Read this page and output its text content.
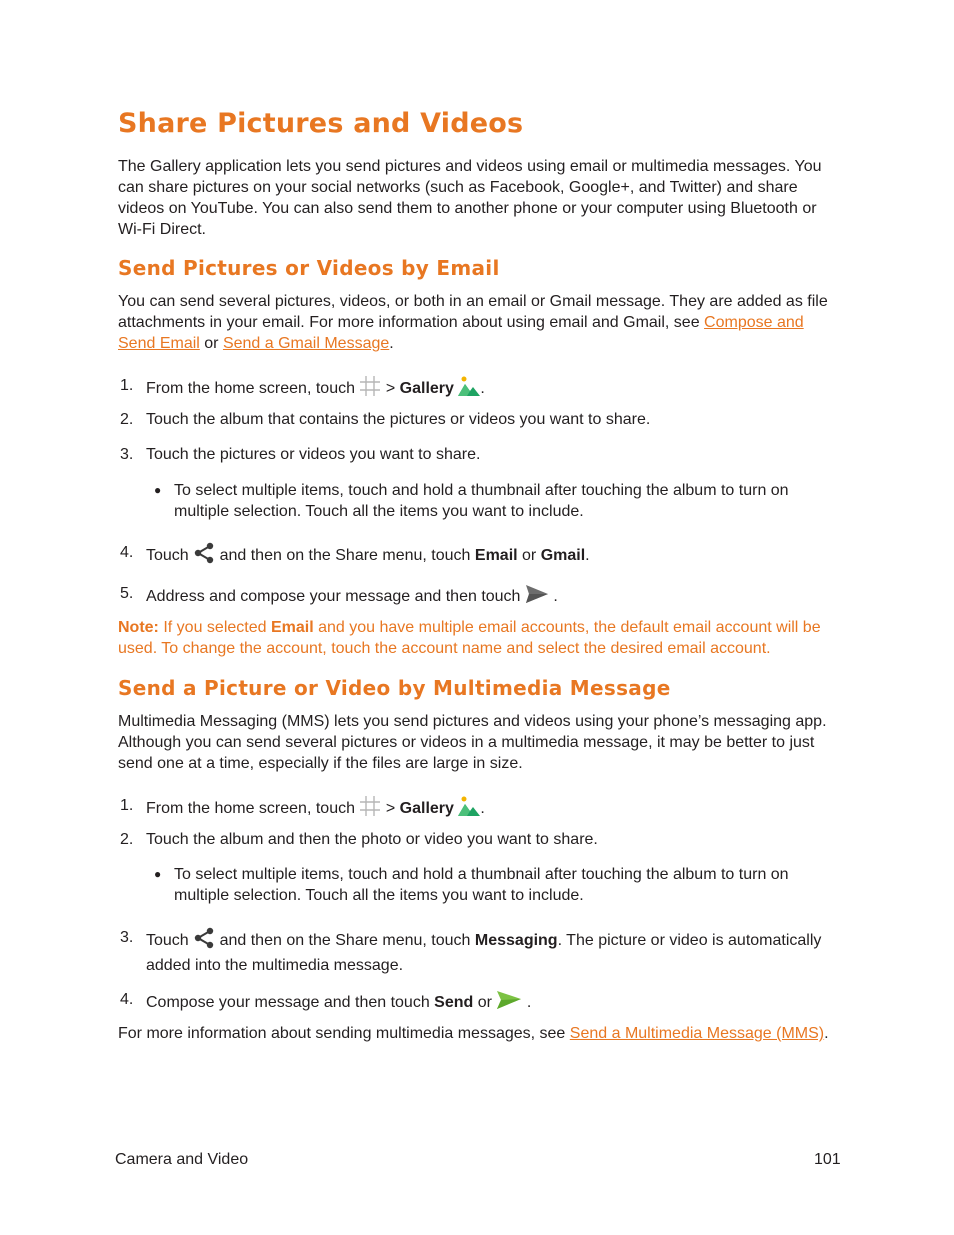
Share Pictures and Videos

The Gallery application lets you send pictures and videos using email or multimedia messages. You can share pictures on your social networks (such as Facebook, Google+, and Twitter) and share videos on YouTube. You can also send them to another phone or your computer using Bluetooth or Wi-Fi Direct.

Send Pictures or Videos by Email

You can send several pictures, videos, or both in an email or Gmail message. They are added as file attachments in your email. For more information about using email and Gmail, see Compose and Send Email or Send a Gmail Message.

1. From the home screen, touch  > Gallery .
2. Touch the album that contains the pictures or videos you want to share.
3. Touch the pictures or videos you want to share.
● To select multiple items, touch and hold a thumbnail after touching the album to turn on multiple selection. Touch all the items you want to include.
4. Touch  and then on the Share menu, touch Email or Gmail.
5. Address and compose your message and then touch  .

Note: If you selected Email and you have multiple email accounts, the default email account will be used. To change the account, touch the account name and select the desired email account.

Send a Picture or Video by Multimedia Message

Multimedia Messaging (MMS) lets you send pictures and videos using your phone’s messaging app. Although you can send several pictures or videos in a multimedia message, it may be better to just send one at a time, especially if the files are large in size.

1. From the home screen, touch  > Gallery .
2. Touch the album and then the photo or video you want to share.
● To select multiple items, touch and hold a thumbnail after touching the album to turn on multiple selection. Touch all the items you want to include.
3. Touch  and then on the Share menu, touch Messaging. The picture or video is automatically added into the multimedia message.
4. Compose your message and then touch Send or  .

For more information about sending multimedia messages, see Send a Multimedia Message (MMS).

Camera and Video	101
